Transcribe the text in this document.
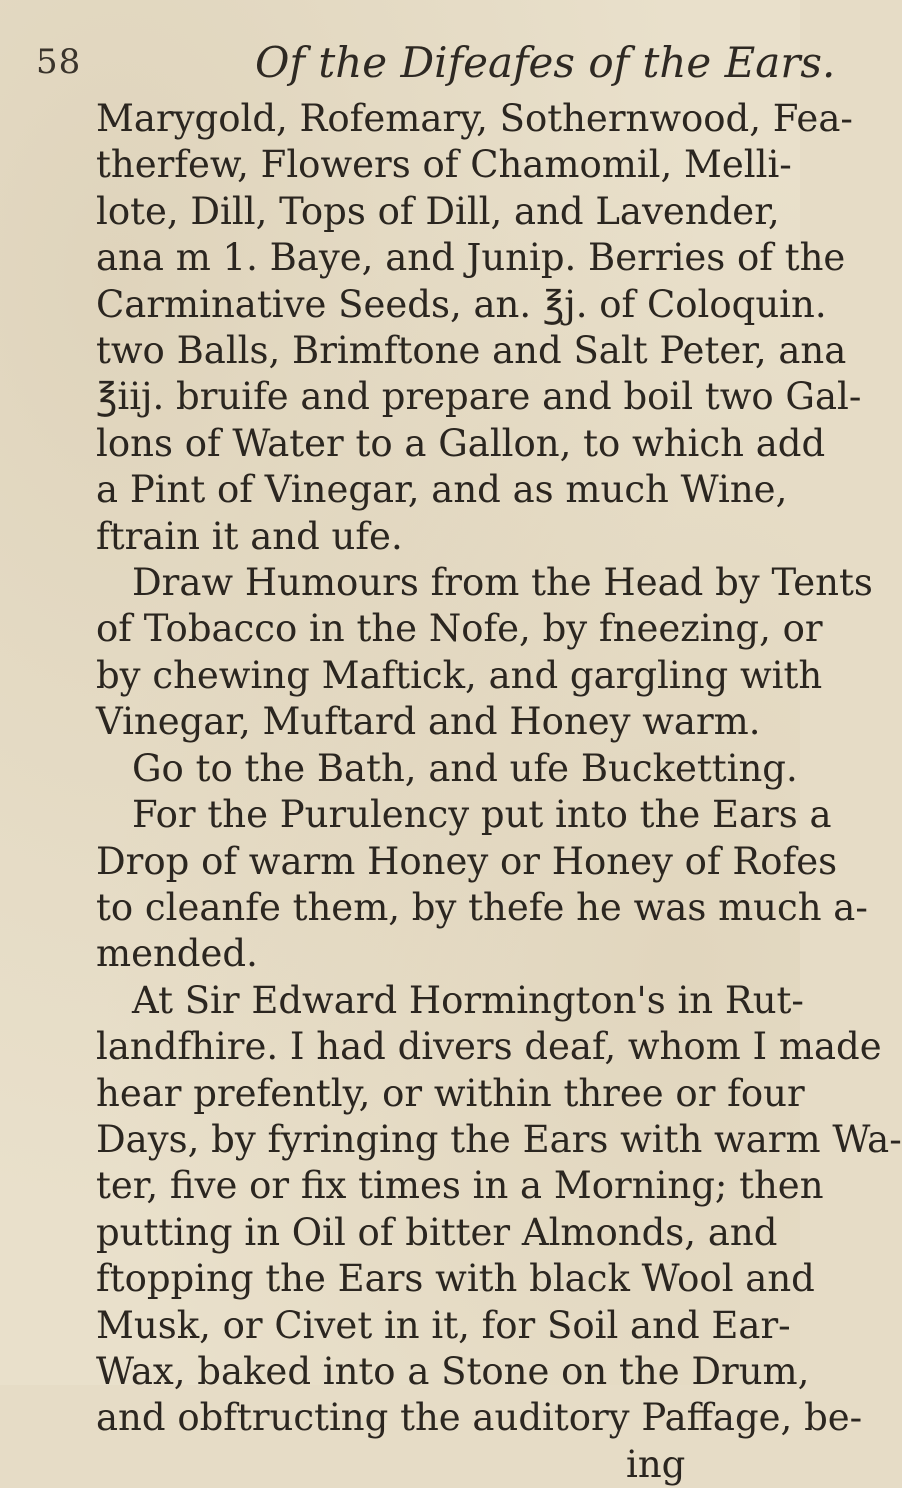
58	Of the Difeafes of the Ears.
Marygold, Rofemary, Sothernwood, Fea-
therfew, Flowers of Chamomil, Melli-
lote, Dill, Tops of Dill, and Lavender,
ana m 1. Baye, and Junip. Berries of the
Carminative Seeds, an. ℥j. of Coloquin.
two Balls, Brimftone and Salt Peter, ana
℥iij. bruife and prepare and boil two Gal-
lons of Water to a Gallon, to which add
a Pint of Vinegar, and as much Wine,
ftrain it and ufe.
Draw Humours from the Head by Tents
of Tobacco in the Nofe, by fneezing, or
by chewing Maftick, and gargling with
Vinegar, Muftard and Honey warm.
Go to the Bath, and ufe Bucketting.
For the Purulency put into the Ears a
Drop of warm Honey or Honey of Rofes
to cleanfe them, by thefe he was much a-
mended.
At Sir Edward Hormington's in Rut-
landfhire. I had divers deaf, whom I made
hear prefently, or within three or four
Days, by fyringing the Ears with warm Wa-
ter, five or fix times in a Morning; then
putting in Oil of bitter Almonds, and
ftopping the Ears with black Wool and
Musk, or Civet in it, for Soil and Ear-
Wax, baked into a Stone on the Drum,
and obftructing the auditory Paffage, be-
ing
